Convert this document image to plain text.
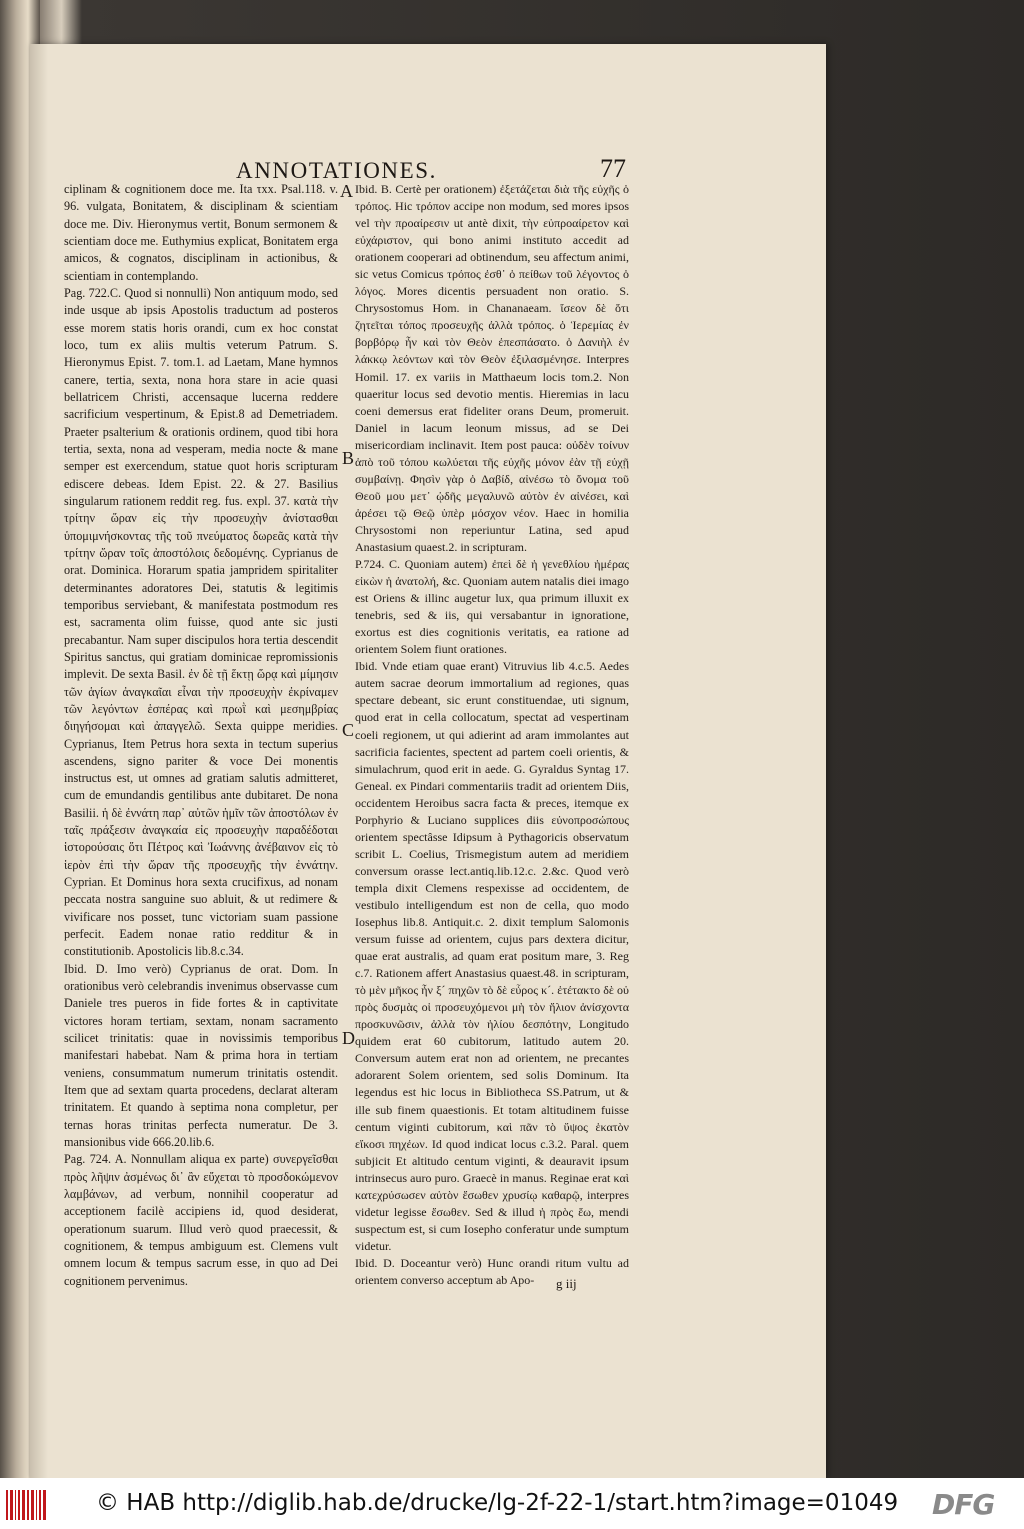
ANNOTATIONES.	77

ciplinam & cognitionem doce me. Ita τxx. Psal.118. v. 96. vulgata, Bonitatem, & disciplinam & scientiam doce me. Div. Hieronymus vertit, Bonum sermonem & scientiam doce me. Euthymius explicat, Bonitatem erga amicos, & cognatos, disciplinam in actionibus, & scientiam in contemplando.

Pag. 722.C. Quod si nonnulli) Non antiquum modo, sed inde usque ab ipsis Apostolis traductum ad posteros esse morem statis horis orandi, cum ex hoc constat loco, tum ex aliis multis veterum Patrum. S. Hieronymus Epist. 7. tom.1. ad Laetam, Mane hymnos canere, tertia, sexta, nona hora stare in acie quasi bellatricem Christi, accensaque lucerna reddere sacrificium vespertinum, & Epist.8 ad Demetriadem. Praeter psalterium & orationis ordinem, quod tibi hora tertia, sexta, nona ad vesperam, media nocte & mane semper est exercendum, statue quot horis scripturam ediscere debeas. Idem Epist. 22. & 27. Basilius singularum rationem reddit reg. fus. expl. 37. κατὰ τὴν τρίτην ὥραν εἰς τὴν προσευχὴν ἀνίστασθαι ὑπομιμνήσκοντας τῆς τοῦ πνεύματος δωρεᾶς κατὰ τὴν τρίτην ὥραν τοῖς ἀποστόλοις δεδομένης. Cyprianus de orat. Dominica. Horarum spatia jampridem spiritaliter determinantes adoratores Dei, statutis & legitimis temporibus serviebant, & manifestata postmodum res est, sacramenta olim fuisse, quod ante sic justi precabantur. Nam super discipulos hora tertia descendit Spiritus sanctus, qui gratiam dominicae repromissionis implevit. De sexta Basil. ἐν δὲ τῇ ἕκτῃ ὥρᾳ καὶ μίμησιν τῶν ἁγίων ἀναγκαῖαι εἶναι τὴν προσευχὴν ἐκρίναμεν τῶν λεγόντων ἑσπέρας καὶ πρωῒ καὶ μεσημβρίας διηγήσομαι καὶ ἀπαγγελῶ. Sexta quippe meridies. Cyprianus, Item Petrus hora sexta in tectum superius ascendens, signo pariter & voce Dei monentis instructus est, ut omnes ad gratiam salutis admitteret, cum de emundandis gentilibus ante dubitaret. De nona Basilii. ἡ δὲ ἐννάτη παρ᾽ αὐτῶν ἡμῖν τῶν ἀποστόλων ἐν ταῖς πράξεσιν ἀναγκαία εἰς προσευχὴν παραδέδοται ἱστορούσαις ὅτι Πέτρος καὶ Ἰωάννης ἀνέβαινον εἰς τὸ ἱερὸν ἐπὶ τὴν ὥραν τῆς προσευχῆς τὴν ἐννάτην. Cyprian. Et Dominus hora sexta crucifixus, ad nonam peccata nostra sanguine suo abluit, & ut redimere & vivificare nos posset, tunc victoriam suam passione perfecit. Eadem nonae ratio redditur & in constitutionib. Apostolicis lib.8.c.34.

Ibid. D. Imo verò) Cyprianus de orat. Dom. In orationibus verò celebrandis invenimus observasse cum Daniele tres pueros in fide fortes & in captivitate victores horam tertiam, sextam, nonam sacramento scilicet trinitatis: quae in novissimis temporibus manifestari habebat. Nam & prima hora in tertiam veniens, consummatum numerum trinitatis ostendit. Item que ad sextam quarta procedens, declarat alteram trinitatem. Et quando à septima nona completur, per ternas horas trinitas perfecta numeratur. De 3. mansionibus vide 666.20.lib.6.

Pag. 724. A. Nonnullam aliqua ex parte) συνεργεῖσθαι πρὸς λῆψιν ἀσμένως δι᾽ ἂν εὔχεται τὸ προσδοκώμενον λαμβάνων, ad verbum, nonnihil cooperatur ad acceptionem facilè accipiens id, quod desiderat, operationum suarum. Illud verò quod praecessit, & cognitionem, & tempus ambiguum est. Clemens vult omnem locum & tempus sacrum esse, in quo ad Dei cognitionem pervenimus.

A
B
C
D

Ibid. B. Certè per orationem) ἐξετάζεται διὰ τῆς εὐχῆς ὁ τρόπος. Hic τρόπον accipe non modum, sed mores ipsos vel τὴν προαίρεσιν ut antè dixit, τὴν εὐπροαίρετον καὶ εὐχάριστον, qui bono animi instituto accedit ad orationem cooperari ad obtinendum, seu affectum animi, sic vetus Comicus τρόπος ἐσθ᾽ ὁ πείθων τοῦ λέγοντος ὁ λόγος. Mores dicentis persuadent non oratio. S. Chrysostomus Hom. in Chananaeam. ἴσεον δὲ ὅτι ζητεῖται τόπος προσευχῆς ἀλλὰ τρόπος. ὁ Ἱερεμίας ἐν βορβόρῳ ἦν καὶ τὸν Θεὸν ἐπεσπάσατο. ὁ Δανιὴλ ἐν λάκκῳ λεόντων καὶ τὸν Θεὸν ἐξιλασμένησε. Interpres Homil. 17. ex variis in Matthaeum locis tom.2. Non quaeritur locus sed devotio mentis. Hieremias in lacu coeni demersus erat fideliter orans Deum, promeruit. Daniel in lacum leonum missus, ad se Dei misericordiam inclinavit. Item post pauca: οὐδὲν τοίνυν ἀπὸ τοῦ τόπου κωλύεται τῆς εὐχῆς μόνον ἐὰν τῇ εὐχῇ συμβαίνῃ. Φησὶν γὰρ ὁ Δαβίδ, αἰνέσω τὸ ὄνομα τοῦ Θεοῦ μου μετ᾽ ᾠδῆς μεγαλυνῶ αὐτὸν ἐν αἰνέσει, καὶ ἀρέσει τῷ Θεῷ ὑπὲρ μόσχον νέον. Haec in homilia Chrysostomi non reperiuntur Latina, sed apud Anastasium quaest.2. in scripturam.

P.724. C. Quoniam autem) ἐπεὶ δὲ ἡ γενεθλίου ἡμέρας εἰκὼν ἡ ἀνατολή, &c. Quoniam autem natalis diei imago est Oriens & illinc augetur lux, qua primum illuxit ex tenebris, sed & iis, qui versabantur in ignoratione, exortus est dies cognitionis veritatis, ea ratione ad orientem Solem fiunt orationes.

Ibid. Vnde etiam quae erant) Vitruvius lib 4.c.5. Aedes autem sacrae deorum immortalium ad regiones, quas spectare debeant, sic erunt constituendae, uti signum, quod erat in cella collocatum, spectat ad vespertinam coeli regionem, ut qui adierint ad aram immolantes aut sacrificia facientes, spectent ad partem coeli orientis, & simulachrum, quod erit in aede. G. Gyraldus Syntag 17. Geneal. ex Pindari commentariis tradit ad orientem Diis, occidentem Heroibus sacra facta & preces, itemque ex Porphyrio & Luciano supplices diis εὐνοπροσώπους orientem spectâsse Idipsum à Pythagoricis observatum scribit L. Coelius, Trismegistum autem ad meridiem conversum orasse lect.antiq.lib.12.c. 2.&c. Quod verò templa dixit Clemens respexisse ad occidentem, de vestibulo intelligendum est non de cella, quo modo Iosephus lib.8. Antiquit.c. 2. dixit templum Salomonis versum fuisse ad orientem, cujus pars dextera dicitur, quae erat australis, ad quam erat positum mare, 3. Reg c.7. Rationem affert Anastasius quaest.48. in scripturam, τὸ μὲν μῆκος ἦν ξ´ πηχῶν τὸ δὲ εὖρος κ´. ἐτέτακτο δὲ οὐ πρὸς δυσμὰς οἱ προσευχόμενοι μὴ τὸν ἥλιον ἀνίσχοντα προσκυνῶσιν, ἀλλὰ τὸν ἡλίου δεσπότην, Longitudo quidem erat 60 cubitorum, latitudo autem 20. Conversum autem erat non ad orientem, ne precantes adorarent Solem orientem, sed solis Dominum. Ita legendus est hic locus in Bibliotheca SS.Patrum, ut & ille sub finem quaestionis. Et totam altitudinem fuisse centum viginti cubitorum, καὶ πᾶν τὸ ὕψος ἑκατὸν εἴκοσι πηχέων. Id quod indicat locus c.3.2. Paral. quem subjicit Et altitudo centum viginti, & deauravit ipsum intrinsecus auro puro. Graecè in manus. Reginae erat καὶ κατεχρύσωσεν αὐτὸν ἔσωθεν χρυσίῳ καθαρῷ, interpres videtur legisse ἔσωθεν. Sed & illud ἡ πρὸς ἕω, mendi suspectum est, si cum Iosepho conferatur unde sumptum videtur.

Ibid. D. Doceantur verò) Hunc orandi ritum vultu ad orientem converso acceptum ab Apo-	g iij
© HAB http://diglib.hab.de/drucke/lg-2f-22-1/start.htm?image=01049 DFG
